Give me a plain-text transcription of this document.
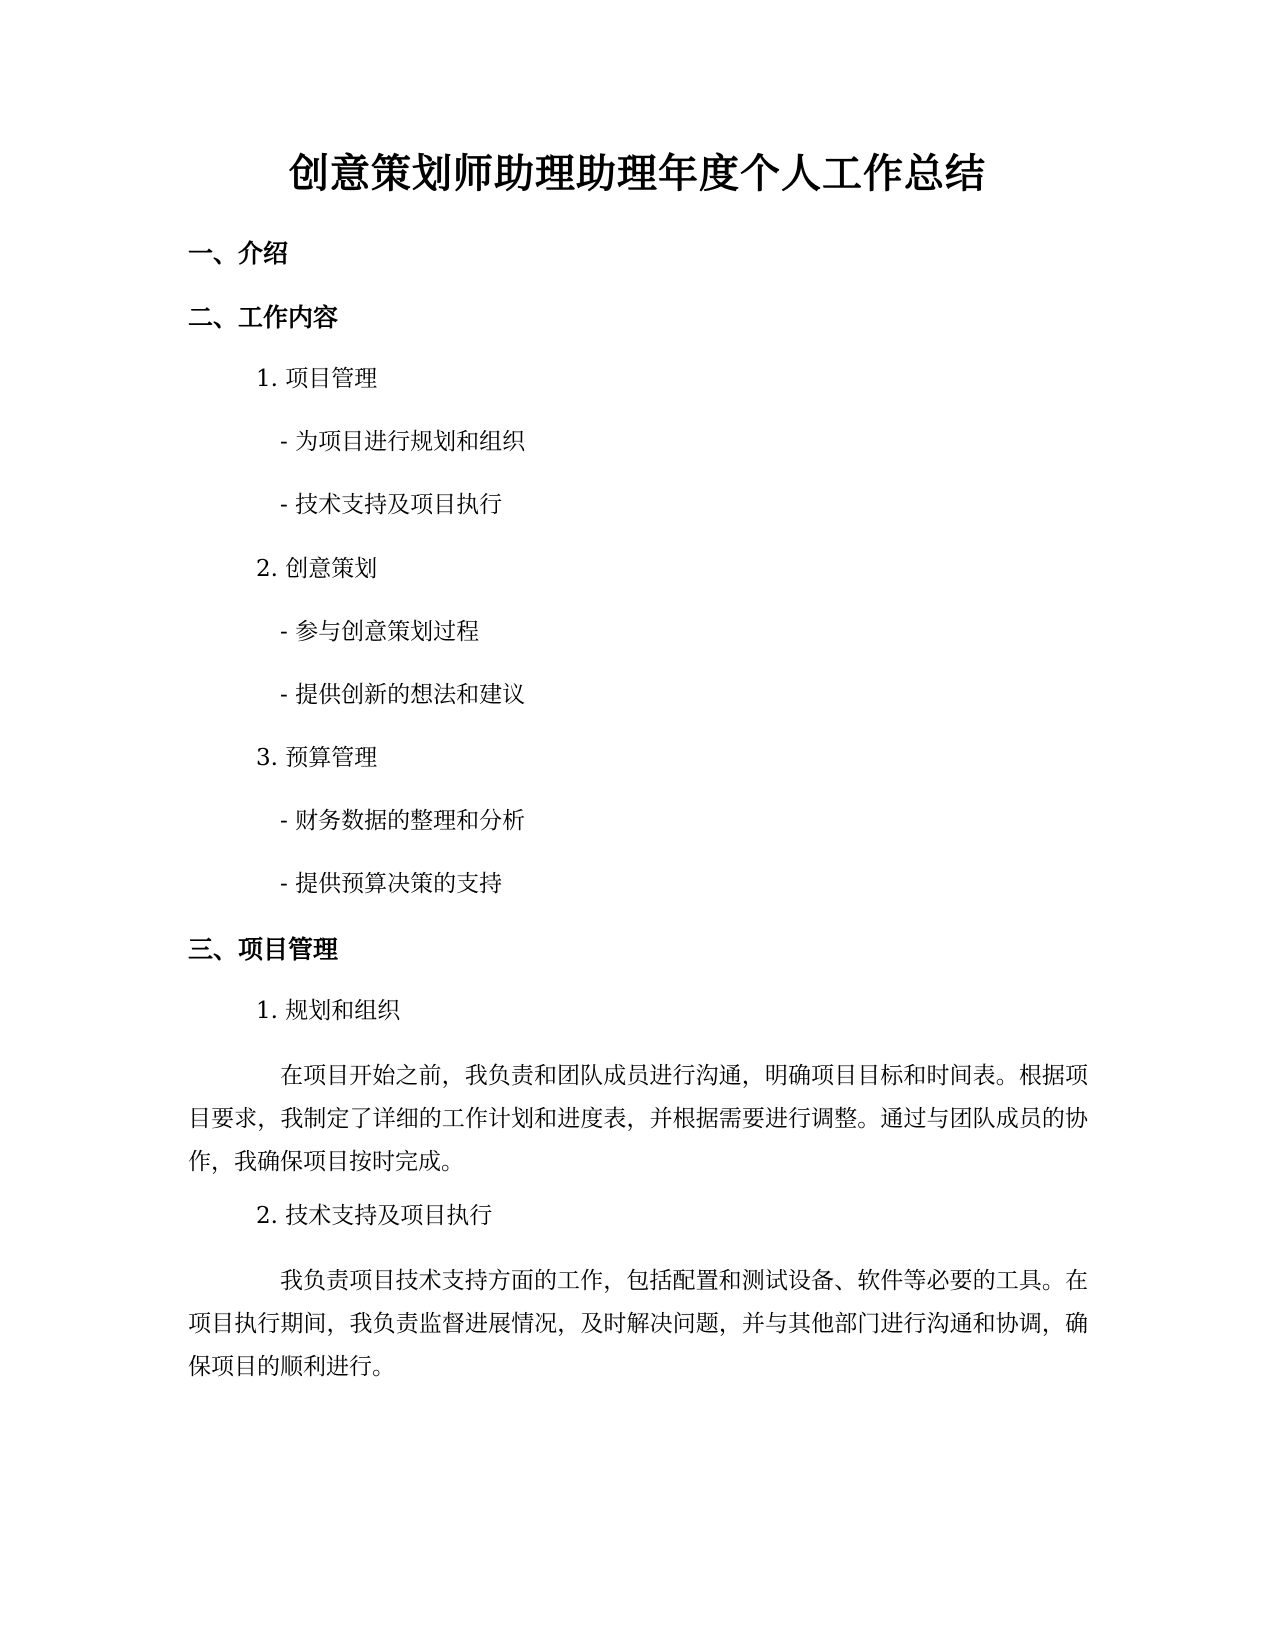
创意策划师助理助理年度个人工作总结
一、介绍
二、工作内容
1. 项目管理
- 为项目进行规划和组织
- 技术支持及项目执行
2. 创意策划
- 参与创意策划过程
- 提供创新的想法和建议
3. 预算管理
- 财务数据的整理和分析
- 提供预算决策的支持
三、项目管理
1. 规划和组织

在项目开始之前，我负责和团队成员进行沟通，明确项目目标和时间表。根据项目要求，我制定了详细的工作计划和进度表，并根据需要进行调整。通过与团队成员的协作，我确保项目按时完成。

2. 技术支持及项目执行

我负责项目技术支持方面的工作，包括配置和测试设备、软件等必要的工具。在项目执行期间，我负责监督进展情况，及时解决问题，并与其他部门进行沟通和协调，确保项目的顺利进行。
